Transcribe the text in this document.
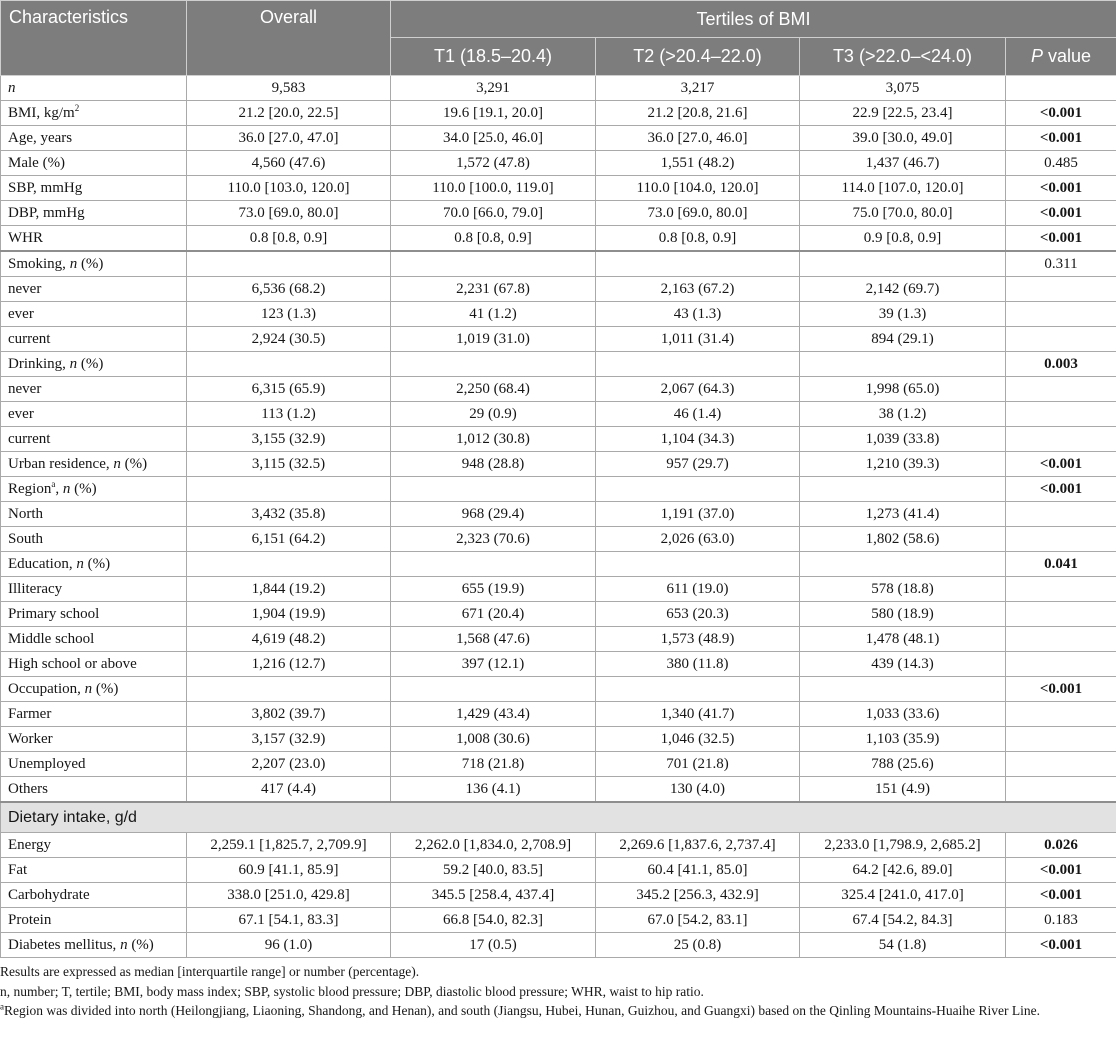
Characteristics	Overall	Tertiles of BMI			
		T1 (18.5–20.4)	T2 (>20.4–22.0)	T3 (>22.0–<24.0)	P value
n	9,583	3,291	3,217	3,075	
BMI, $kg/m^2$	21.2 [20.0, 22.5]	19.6 [19.1, 20.0]	21.2 [20.8, 21.6]	22.9 [22.5, 23.4]	<0.001
Age, years	36.0 [27.0, 47.0]	34.0 [25.0, 46.0]	36.0 [27.0, 46.0]	39.0 [30.0, 49.0]	<0.001
Male (%)	4,560 (47.6)	1,572 (47.8)	1,551 (48.2)	1,437 (46.7)	0.485
SBP, mmHg	110.0 [103.0, 120.0]	110.0 [100.0, 119.0]	110.0 [104.0, 120.0]	114.0 [107.0, 120.0]	<0.001
DBP, mmHg	73.0 [69.0, 80.0]	70.0 [66.0, 79.0]	73.0 [69.0, 80.0]	75.0 [70.0, 80.0]	<0.001
WHR	0.8 [0.8, 0.9]	0.8 [0.8, 0.9]	0.8 [0.8, 0.9]	0.9 [0.8, 0.9]	<0.001
Smoking, n (%)					0.311
never	6,536 (68.2)	2,231 (67.8)	2,163 (67.2)	2,142 (69.7)	
ever	123 (1.3)	41 (1.2)	43 (1.3)	39 (1.3)	
current	2,924 (30.5)	1,019 (31.0)	1,011 (31.4)	894 (29.1)	
Drinking, n (%)					0.003
never	6,315 (65.9)	2,250 (68.4)	2,067 (64.3)	1,998 (65.0)	
ever	113 (1.2)	29 (0.9)	46 (1.4)	38 (1.2)	
current	3,155 (32.9)	1,012 (30.8)	1,104 (34.3)	1,039 (33.8)	
Urban residence, n (%)	3,115 (32.5)	948 (28.8)	957 (29.7)	1,210 (39.3)	<0.001
Region$^a$, n (%)					<0.001
North	3,432 (35.8)	968 (29.4)	1,191 (37.0)	1,273 (41.4)	
South	6,151 (64.2)	2,323 (70.6)	2,026 (63.0)	1,802 (58.6)	
Education, n (%)					0.041
Illiteracy	1,844 (19.2)	655 (19.9)	611 (19.0)	578 (18.8)	
Primary school	1,904 (19.9)	671 (20.4)	653 (20.3)	580 (18.9)	
Middle school	4,619 (48.2)	1,568 (47.6)	1,573 (48.9)	1,478 (48.1)	
High school or above	1,216 (12.7)	397 (12.1)	380 (11.8)	439 (14.3)	
Occupation, n (%)					<0.001
Farmer	3,802 (39.7)	1,429 (43.4)	1,340 (41.7)	1,033 (33.6)	
Worker	3,157 (32.9)	1,008 (30.6)	1,046 (32.5)	1,103 (35.9)	
Unemployed	2,207 (23.0)	718 (21.8)	701 (21.8)	788 (25.6)	
Others	417 (4.4)	136 (4.1)	130 (4.0)	151 (4.9)	
Dietary intake, g/d					
Energy	2,259.1 [1,825.7, 2,709.9]	2,262.0 [1,834.0, 2,708.9]	2,269.6 [1,837.6, 2,737.4]	2,233.0 [1,798.9, 2,685.2]	0.026
Fat	60.9 [41.1, 85.9]	59.2 [40.0, 83.5]	60.4 [41.1, 85.0]	64.2 [42.6, 89.0]	<0.001
Carbohydrate	338.0 [251.0, 429.8]	345.5 [258.4, 437.4]	345.2 [256.3, 432.9]	325.4 [241.0, 417.0]	<0.001
Protein	67.1 [54.1, 83.3]	66.8 [54.0, 82.3]	67.0 [54.2, 83.1]	67.4 [54.2, 84.3]	0.183
Diabetes mellitus, n (%)	96 (1.0)	17 (0.5)	25 (0.8)	54 (1.8)	<0.001

Results are expressed as median [interquartile range] or number (percentage).

n, number; T, tertile; BMI, body mass index; SBP, systolic blood pressure; DBP, diastolic blood pressure; WHR, waist to hip ratio.

$^a$Region was divided into north (Heilongjiang, Liaoning, Shandong, and Henan), and south (Jiangsu, Hubei, Hunan, Guizhou, and Guangxi) based on the Qinling Mountains-Huaihe River Line.
